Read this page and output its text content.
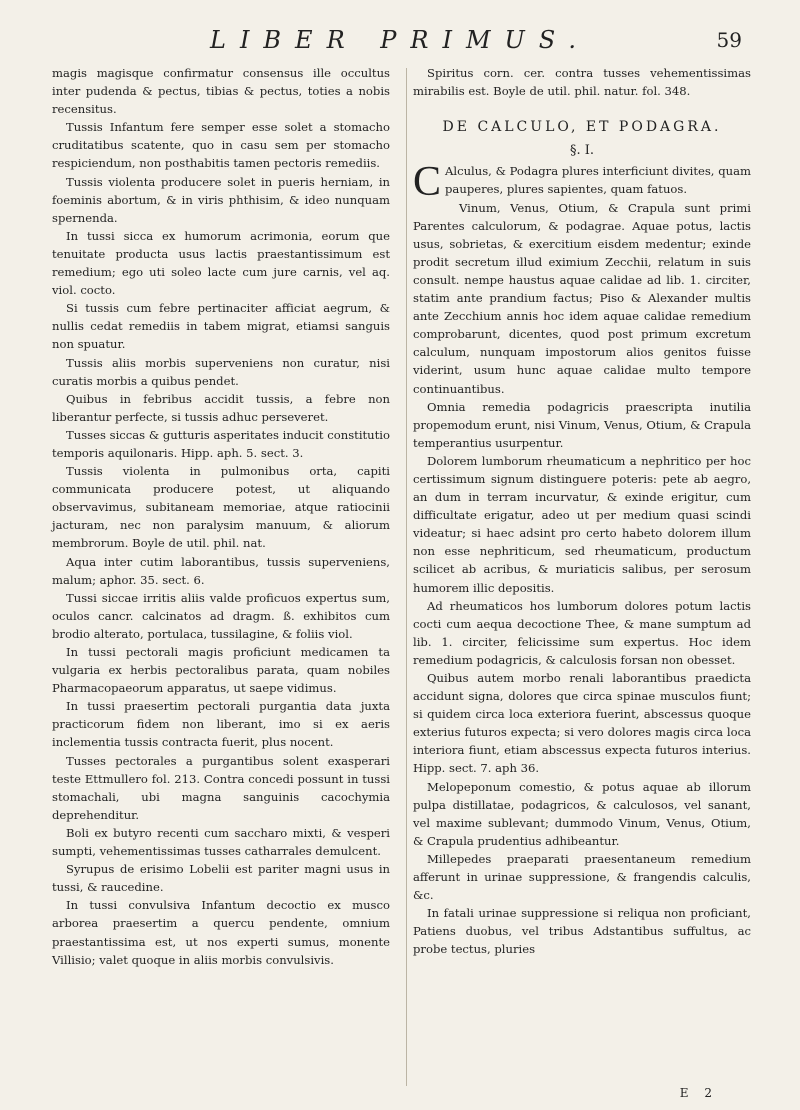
LIBER PRIMUS.	59

magis magisque confirmatur consensus ille occultus inter pudenda & pectus, tibias & pectus, toties a nobis recensitus.

Tussis Infantum fere semper esse solet a stomacho cruditatibus scatente, quo in casu sem per stomacho respiciendum, non posthabitis tamen pectoris remediis.

Tussis violenta producere solet in pueris herniam, in foeminis abortum, & in viris phthisim, & ideo nunquam spernenda.

In tussi sicca ex humorum acrimonia, eorum que tenuitate producta usus lactis praestantissimum est remedium; ego uti soleo lacte cum jure carnis, vel aq. viol. cocto.

Si tussis cum febre pertinaciter afficiat aegrum, & nullis cedat remediis in tabem migrat, etiamsi sanguis non spuatur.

Tussis aliis morbis superveniens non curatur, nisi curatis morbis a quibus pendet.

Quibus in febribus accidit tussis, a febre non liberantur perfecte, si tussis adhuc perseveret.

Tusses siccas & gutturis asperitates inducit constitutio temporis aquilonaris. Hipp. aph. 5. sect. 3.

Tussis violenta in pulmonibus orta, capiti communicata producere potest, ut aliquando observavimus, subitaneam memoriae, atque ratiocinii jacturam, nec non paralysim manuum, & aliorum membrorum. Boyle de util. phil. nat.

Aqua inter cutim laborantibus, tussis superveniens, malum; aphor. 35. sect. 6.

Tussi siccae irritis aliis valde proficuos expertus sum, oculos cancr. calcinatos ad dragm. ß. exhibitos cum brodio alterato, portulaca, tussilagine, & foliis viol.

In tussi pectorali magis proficiunt medicamen ta vulgaria ex herbis pectoralibus parata, quam nobiles Pharmacopaeorum apparatus, ut saepe vidimus.

In tussi praesertim pectorali purgantia data juxta practicorum fidem non liberant, imo si ex aeris inclementia tussis contracta fuerit, plus nocent.

Tusses pectorales a purgantibus solent exasperari teste Ettmullero fol. 213. Contra concedi possunt in tussi stomachali, ubi magna sanguinis cacochymia deprehenditur.

Boli ex butyro recenti cum saccharo mixti, & vesperi sumpti, vehementissimas tusses catharrales demulcent.

Syrupus de erisimo Lobelii est pariter magni usus in tussi, & raucedine.

In tussi convulsiva Infantum decoctio ex musco arborea praesertim a quercu pendente, omnium praestantissima est, ut nos experti sumus, monente Villisio; valet quoque in aliis morbis convulsivis.

Spiritus corn. cer. contra tusses vehementissimas mirabilis est. Boyle de util. phil. natur. fol. 348.

DE CALCULO, ET PODAGRA.
§. I.

C Alculus, & Podagra plures interficiunt divites, quam pauperes, plures sapientes, quam fatuos.

Vinum, Venus, Otium, & Crapula sunt primi Parentes calculorum, & podagrae. Aquae potus, lactis usus, sobrietas, & exercitium eisdem medentur; exinde prodit secretum illud eximium Zecchii, relatum in suis consult. nempe haustus aquae calidae ad lib. 1. circiter, statim ante prandium factus; Piso & Alexander multis ante Zecchium annis hoc idem aquae calidae remedium comprobarunt, dicentes, quod post primum excretum calculum, nunquam impostorum alios genitos fuisse viderint, usum hunc aquae calidae multo tempore continuantibus.

Omnia remedia podagricis praescripta inutilia propemodum erunt, nisi Vinum, Venus, Otium, & Crapula temperantius usurpentur.

Dolorem lumborum rheumaticum a nephritico per hoc certissimum signum distinguere poteris: pete ab aegro, an dum in terram incurvatur, & exinde erigitur, cum difficultate erigatur, adeo ut per medium quasi scindi videatur; si haec adsint pro certo habeto dolorem illum non esse nephriticum, sed rheumaticum, productum scilicet ab acribus, & muriaticis salibus, per serosum humorem illic depositis.

Ad rheumaticos hos lumborum dolores potum lactis cocti cum aequa decoctione Thee, & mane sumptum ad lib. 1. circiter, felicissime sum expertus. Hoc idem remedium podagricis, & calculosis forsan non obesset.

Quibus autem morbo renali laborantibus praedicta accidunt signa, dolores que circa spinae musculos fiunt; si quidem circa loca exteriora fuerint, abscessus quoque exterius futuros expecta; si vero dolores magis circa loca interiora fiunt, etiam abscessus expecta futuros interius. Hipp. sect. 7. aph 36.

Melopeponum comestio, & potus aquae ab illorum pulpa distillatae, podagricos, & calculosos, vel sanant, vel maxime sublevant; dummodo Vinum, Venus, Otium, & Crapula prudentius adhibeantur.

Millepedes praeparati praesentaneum remedium afferunt in urinae suppressione, & frangendis calculis, &c.

In fatali urinae suppressione si reliqua non proficiant, Patiens duobus, vel tribus Adstantibus suffultus, ac probe tectus, pluries

E 2
